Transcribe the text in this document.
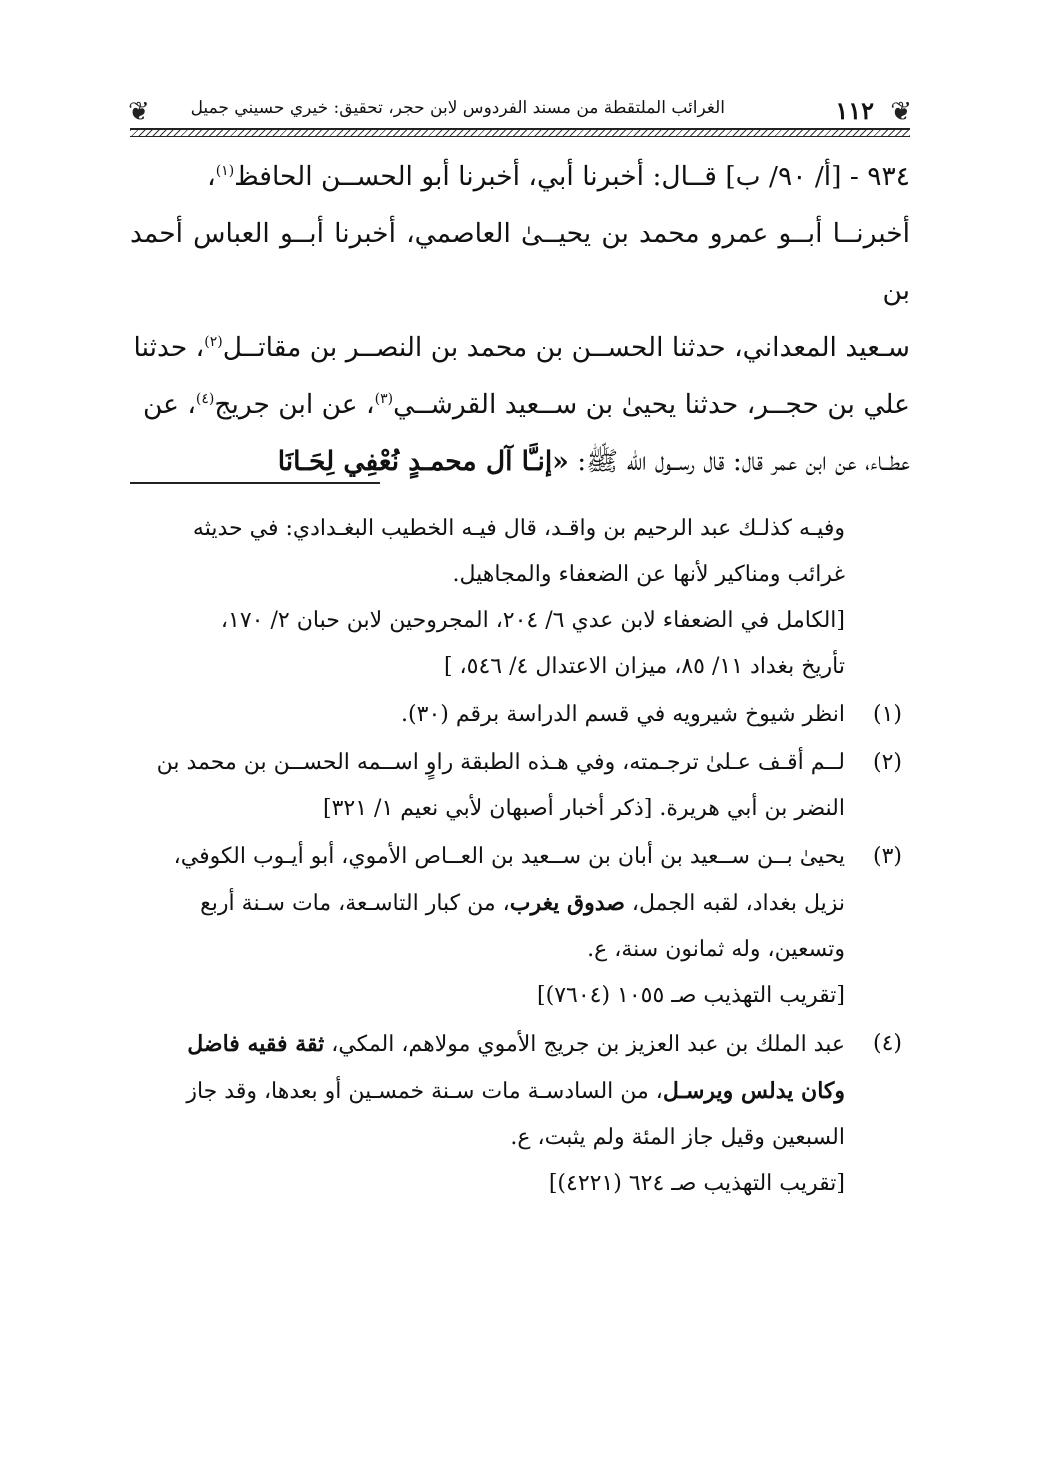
❦
١١٢
الغرائب الملتقطة من مسند الفردوس لابن حجر، تحقيق: خيري حسيني جميل
❦

٩٣٤ - [أ/ ٩٠/ ب] قــال: أخبرنا أبي، أخبرنا أبو الحســن الحافظ$^{(١)}$،

أخبرنــا أبــو عمرو محمد بن يحيــىٰ العاصمي، أخبرنا أبــو العباس أحمد بن

سـعيد المعداني، حدثنا الحســن بن محمد بن النصــر بن مقاتــل$^{(٢)}$، حدثنا

علي بن حجــر، حدثنا يحيىٰ بن ســعيد القرشــي$^{(٣)}$، عن ابن جريج$^{(٤)}$، عن

عطــاء، عن ابن عمر قال: قال رســول الله ﷺ: «إنـَّا آل محمـدٍ نُعْفِي لِحَـانَا

وفيـه كذلـك عبد الرحيم بن واقـد، قال فيـه الخطيب البغـدادي: في حديثه

غرائب ومناكير لأنها عن الضعفاء والمجاهيل.

[الكامل في الضعفاء لابن عدي ٦/ ٢٠٤، المجروحين لابن حبان ٢/ ١٧٠،

تأريخ بغداد ١١/ ٨٥، ميزان الاعتدال ٤/ ٥٤٦، ]

(١)

انظر شيوخ شيرويه في قسم الدراسة برقم (٣٠).

(٢)

لــم أقـف عـلىٰ ترجـمته، وفي هـذه الطبقة راوٍ اســمه الحســن بن محمد بن

النضر بن أبي هريرة. [ذكر أخبار أصبهان لأبي نعيم ١/ ٣٢١]

(٣)

يحيىٰ بــن ســعيد بن أبان بن ســعيد بن العــاص الأموي، أبو أيـوب الكوفي،

نزيل بغداد، لقبه الجمل، صدوق يغرب، من كبار التاسـعة، مات سـنة أربع

وتسعين، وله ثمانون سنة، ع.

[تقريب التهذيب صـ ١٠٥٥ (٧٦٠٤)]

(٤)

عبد الملك بن عبد العزيز بن جريج الأموي مولاهم، المكي، ثقة فقيه فاضل

وكان يدلس ويرسـل، من السادسـة مات سـنة خمسـين أو بعدها، وقد جاز

السبعين وقيل جاز المئة ولم يثبت، ع.

[تقريب التهذيب صـ ٦٢٤ (٤٢٢١)]
